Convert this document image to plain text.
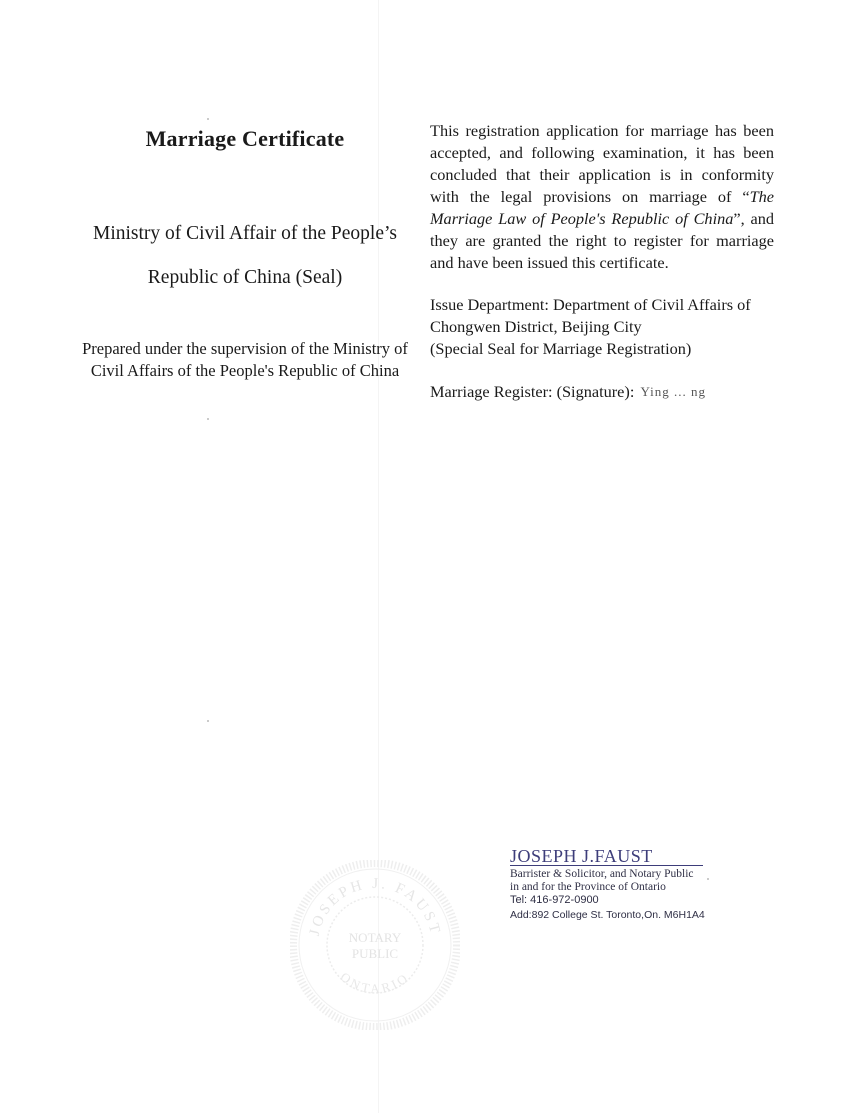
Marriage Certificate
Ministry of Civil Affair of the People’s
Republic of China (Seal)
Prepared under the supervision of the Ministry of
Civil Affairs of the People's Republic of China

This registration application for marriage has been accepted, and following examination, it has been concluded that their application is in conformity with the legal provisions on marriage of “The Marriage Law of People's Republic of China”, and they are granted the right to register for marriage and have been issued this certificate.

Issue Department: Department of Civil Affairs of
Chongwen District, Beijing City
(Special Seal for Marriage Registration)
Marriage Register: (Signature): Ying ... ng
JOSEPH J.FAUST
Barrister & Solicitor, and Notary Public
in and for the Province of Ontario
Tel: 416-972-0900
Add:892 College St. Toronto,On. M6H1A4
JOSEPH J. FAUST
NOTARY
PUBLIC
ONTARIO
